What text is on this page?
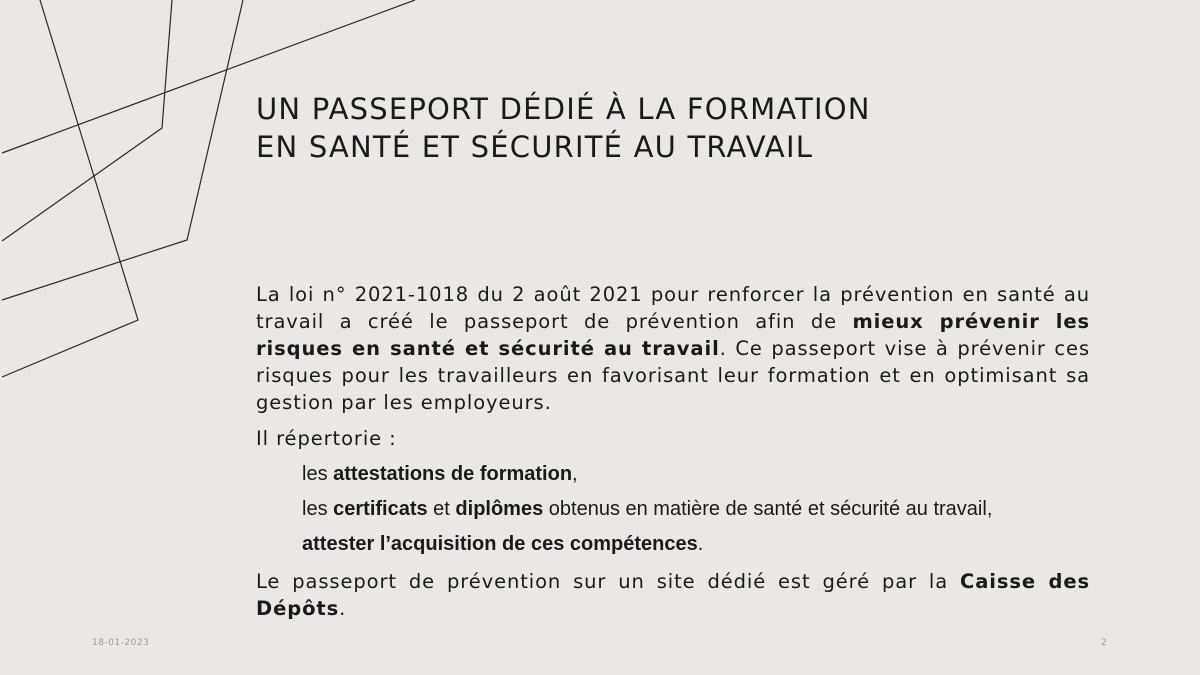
UN PASSEPORT DÉDIÉ À LA FORMATION
EN SANTÉ ET SÉCURITÉ AU TRAVAIL

La loi n° 2021-1018 du 2 août 2021 pour renforcer la prévention en santé au travail a créé le passeport de prévention afin de mieux prévenir les risques en santé et sécurité au travail. Ce passeport vise à prévenir ces risques pour les travailleurs en favorisant leur formation et en optimisant sa gestion par les employeurs.

Il répertorie :

les attestations de formation,
les certificats et diplômes obtenus en matière de santé et sécurité au travail,
attester l’acquisition de ces compétences.

Le passeport de prévention sur un site dédié est géré par la Caisse des Dépôts.

18-01-2023	2
